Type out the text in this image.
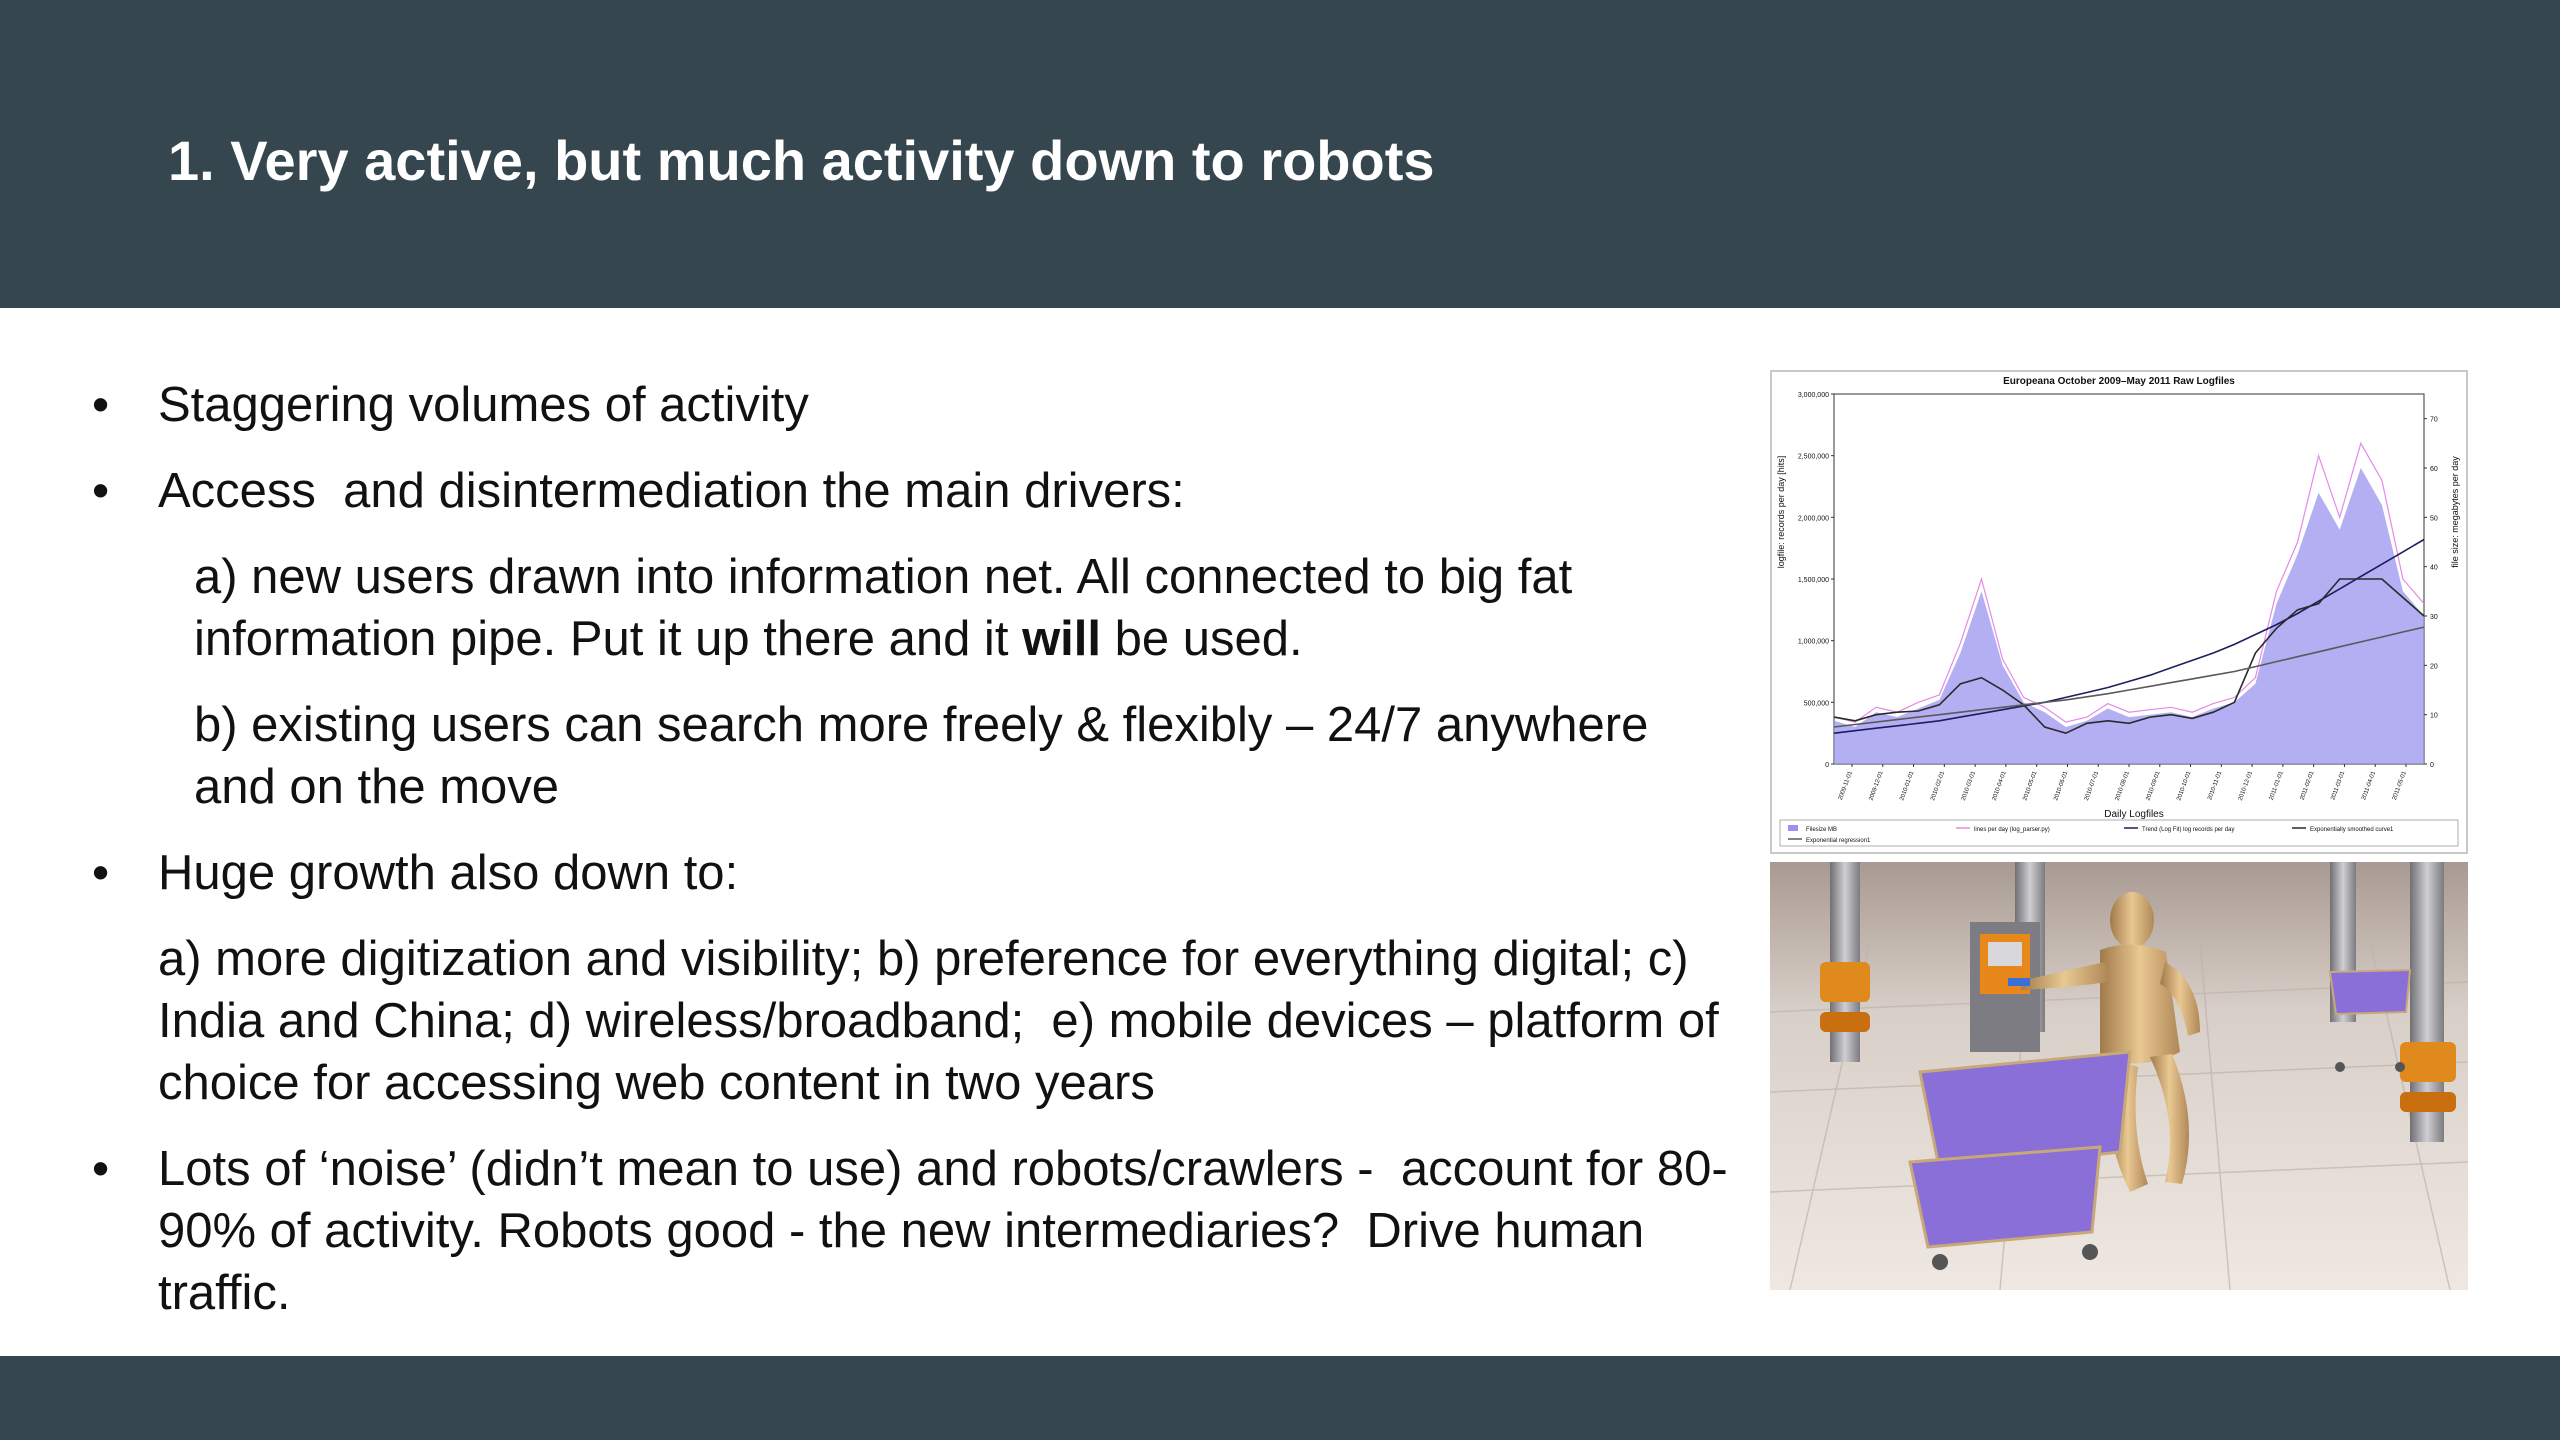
1. Very active, but much activity down to robots
• Staggering volumes of activity
• Access  and disintermediation the main drivers:
a) new users drawn into information net. All connected to big fat information pipe. Put it up there and it will be used.
b) existing users can search more freely & flexibly – 24/7 anywhere and on the move
• Huge growth also down to:
a) more digitization and visibility; b) preference for everything digital; c) India and China; d) wireless/broadband;  e) mobile devices – platform of choice for accessing web content in two years
• Lots of ‘noise’ (didn’t mean to use) and robots/crawlers -  account for 80-90% of activity. Robots good - the new intermediaries?  Drive human traffic.
Europeana October 2009–May 2011 Raw Logfiles
logfile: records per day [hits]	file size: megabytes per day
Daily Logfiles
0
500,000
1,000,000
1,500,000
2,000,000
2,500,000
3,000,000
0
10
20
30
40
50
60
70
2009-11-01 2009-12-01 2010-01-01 2010-02-01 2010-03-01 2010-04-01 2010-05-01 2010-06-01 2010-07-01 2010-08-01 2010-09-01 2010-10-01 2010-11-01 2010-12-01 2011-01-01 2011-02-01 2011-03-01 2011-04-01 2011-05-01
Filesize MB	lines per day (log_parser.py)	Trend (Log Fit) log records per day	Exponentially smoothed curve1
Exponential regression1
